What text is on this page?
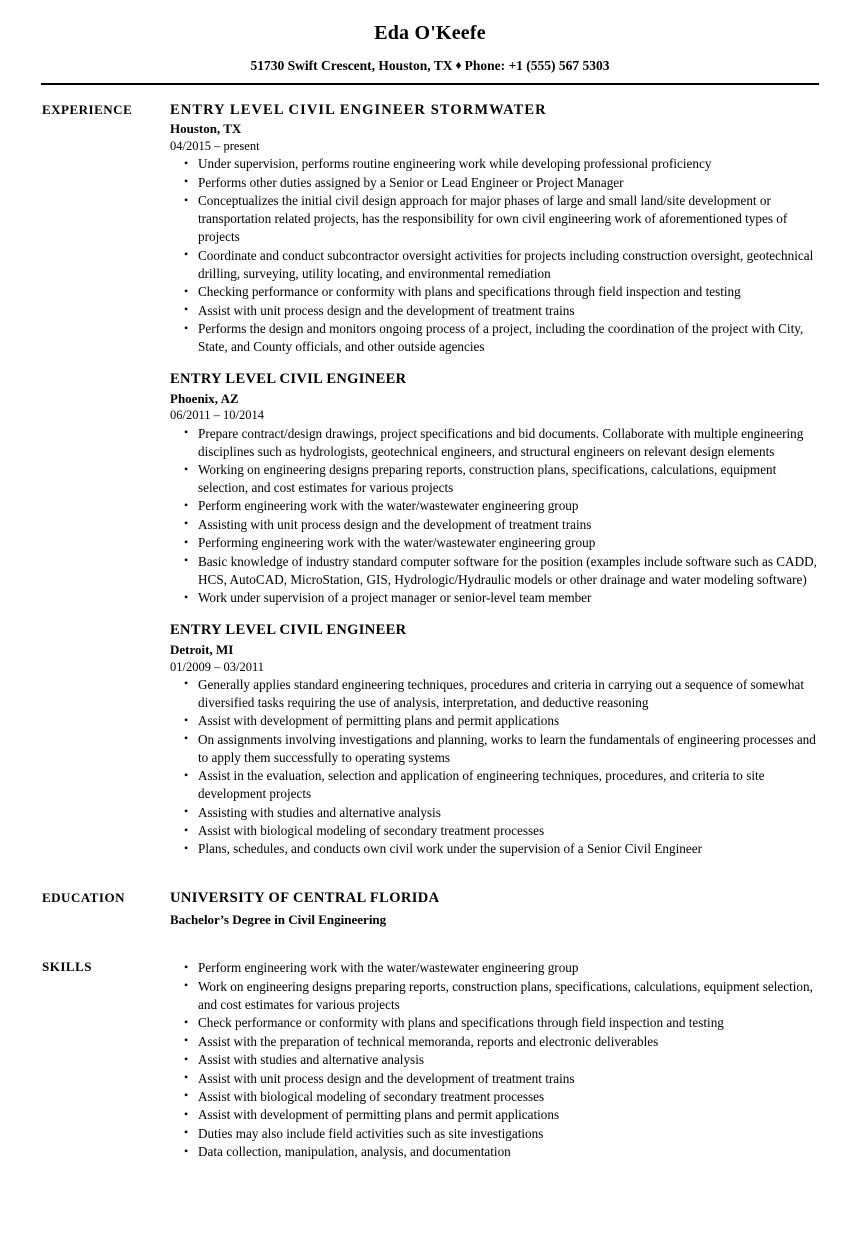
Eda O'Keefe
51730 Swift Crescent, Houston, TX ♦ Phone: +1 (555) 567 5303
EXPERIENCE	ENTRY LEVEL CIVIL ENGINEER STORMWATER
Houston, TX
04/2015 – present
• Under supervision, performs routine engineering work while developing professional proficiency
• Performs other duties assigned by a Senior or Lead Engineer or Project Manager
• Conceptualizes the initial civil design approach for major phases of large and small land/site development or transportation related projects, has the responsibility for own civil engineering work of aforementioned types of projects
• Coordinate and conduct subcontractor oversight activities for projects including construction oversight, geotechnical drilling, surveying, utility locating, and environmental remediation
• Checking performance or conformity with plans and specifications through field inspection and testing
• Assist with unit process design and the development of treatment trains
• Performs the design and monitors ongoing process of a project, including the coordination of the project with City, State, and County officials, and other outside agencies
ENTRY LEVEL CIVIL ENGINEER
Phoenix, AZ
06/2011 – 10/2014
• Prepare contract/design drawings, project specifications and bid documents. Collaborate with multiple engineering disciplines such as hydrologists, geotechnical engineers, and structural engineers on relevant design elements
• Working on engineering designs preparing reports, construction plans, specifications, calculations, equipment selection, and cost estimates for various projects
• Perform engineering work with the water/wastewater engineering group
• Assisting with unit process design and the development of treatment trains
• Performing engineering work with the water/wastewater engineering group
• Basic knowledge of industry standard computer software for the position (examples include software such as CADD, HCS, AutoCAD, MicroStation, GIS, Hydrologic/Hydraulic models or other drainage and water modeling software)
• Work under supervision of a project manager or senior-level team member
ENTRY LEVEL CIVIL ENGINEER
Detroit, MI
01/2009 – 03/2011
• Generally applies standard engineering techniques, procedures and criteria in carrying out a sequence of somewhat diversified tasks requiring the use of analysis, interpretation, and deductive reasoning
• Assist with development of permitting plans and permit applications
• On assignments involving investigations and planning, works to learn the fundamentals of engineering processes and to apply them successfully to operating systems
• Assist in the evaluation, selection and application of engineering techniques, procedures, and criteria to site development projects
• Assisting with studies and alternative analysis
• Assist with biological modeling of secondary treatment processes
• Plans, schedules, and conducts own civil work under the supervision of a Senior Civil Engineer
EDUCATION	UNIVERSITY OF CENTRAL FLORIDA
Bachelor’s Degree in Civil Engineering
SKILLS	• Perform engineering work with the water/wastewater engineering group
• Work on engineering designs preparing reports, construction plans, specifications, calculations, equipment selection, and cost estimates for various projects
• Check performance or conformity with plans and specifications through field inspection and testing
• Assist with the preparation of technical memoranda, reports and electronic deliverables
• Assist with studies and alternative analysis
• Assist with unit process design and the development of treatment trains
• Assist with biological modeling of secondary treatment processes
• Assist with development of permitting plans and permit applications
• Duties may also include field activities such as site investigations
• Data collection, manipulation, analysis, and documentation
